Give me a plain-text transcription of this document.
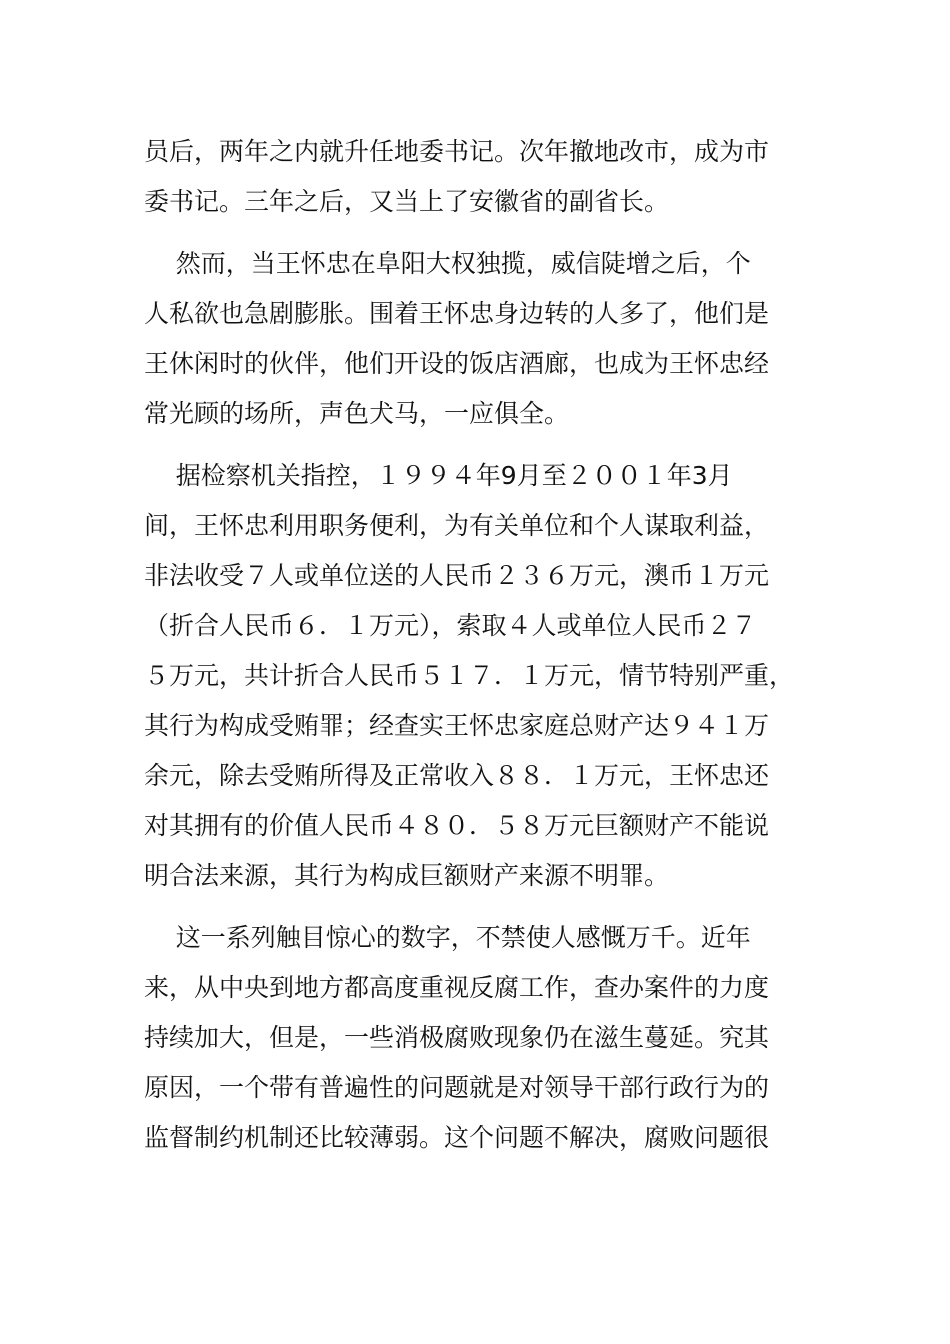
员后，两年之内就升任地委书记。次年撤地改市，成为市
委书记。三年之后，又当上了安徽省的副省长。

然而，当王怀忠在阜阳大权独揽，威信陡增之后，个
人私欲也急剧膨胀。围着王怀忠身边转的人多了，他们是
王休闲时的伙伴，他们开设的饭店酒廊，也成为王怀忠经
常光顾的场所，声色犬马，一应俱全。

据检察机关指控，１９９４年9月至２００１年3月
间，王怀忠利用职务便利，为有关单位和个人谋取利益，
非法收受７人或单位送的人民币２３６万元，澳币１万元
（折合人民币６．１万元），索取４人或单位人民币２７
５万元，共计折合人民币５１７．１万元，情节特别严重，
其行为构成受贿罪；经查实王怀忠家庭总财产达９４１万
余元，除去受贿所得及正常收入８８．１万元，王怀忠还
对其拥有的价值人民币４８０．５８万元巨额财产不能说
明合法来源，其行为构成巨额财产来源不明罪。

这一系列触目惊心的数字，不禁使人感慨万千。近年
来，从中央到地方都高度重视反腐工作，查办案件的力度
持续加大，但是，一些消极腐败现象仍在滋生蔓延。究其
原因，一个带有普遍性的问题就是对领导干部行政行为的
监督制约机制还比较薄弱。这个问题不解决，腐败问题很
